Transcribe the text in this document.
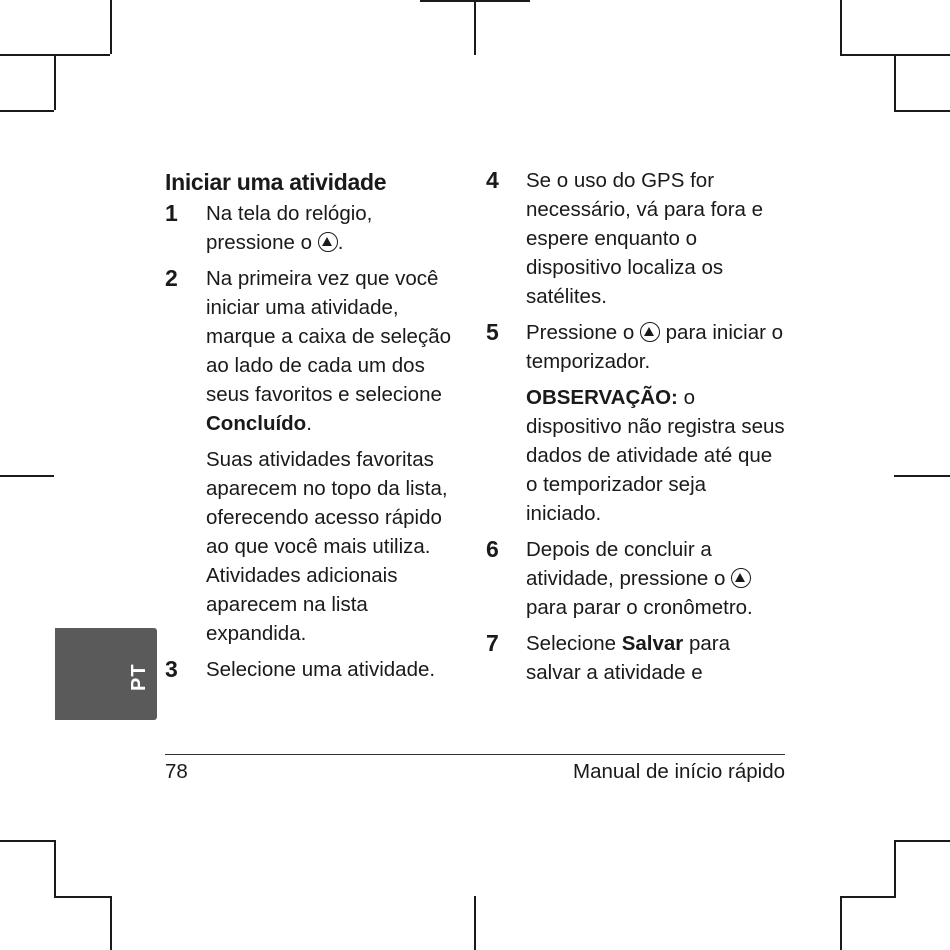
PT
Iniciar uma atividade
1 Na tela do relógio, pressione o .
2 Na primeira vez que você iniciar uma atividade, marque a caixa de seleção ao lado de cada um dos seus favoritos e selecione Concluído.

Suas atividades favoritas aparecem no topo da lista, oferecendo acesso rápido ao que você mais utiliza. Atividades adicionais aparecem na lista expandida.

3 Selecione uma atividade.
4 Se o uso do GPS for necessário, vá para fora e espere enquanto o dispositivo localiza os satélites.
5 Pressione o  para iniciar o temporizador.

OBSERVAÇÃO: o dispositivo não registra seus dados de atividade até que o temporizador seja iniciado.

6 Depois de concluir a atividade, pressione o  para parar o cronômetro.
7 Selecione Salvar para salvar a atividade e
78	Manual de início rápido
